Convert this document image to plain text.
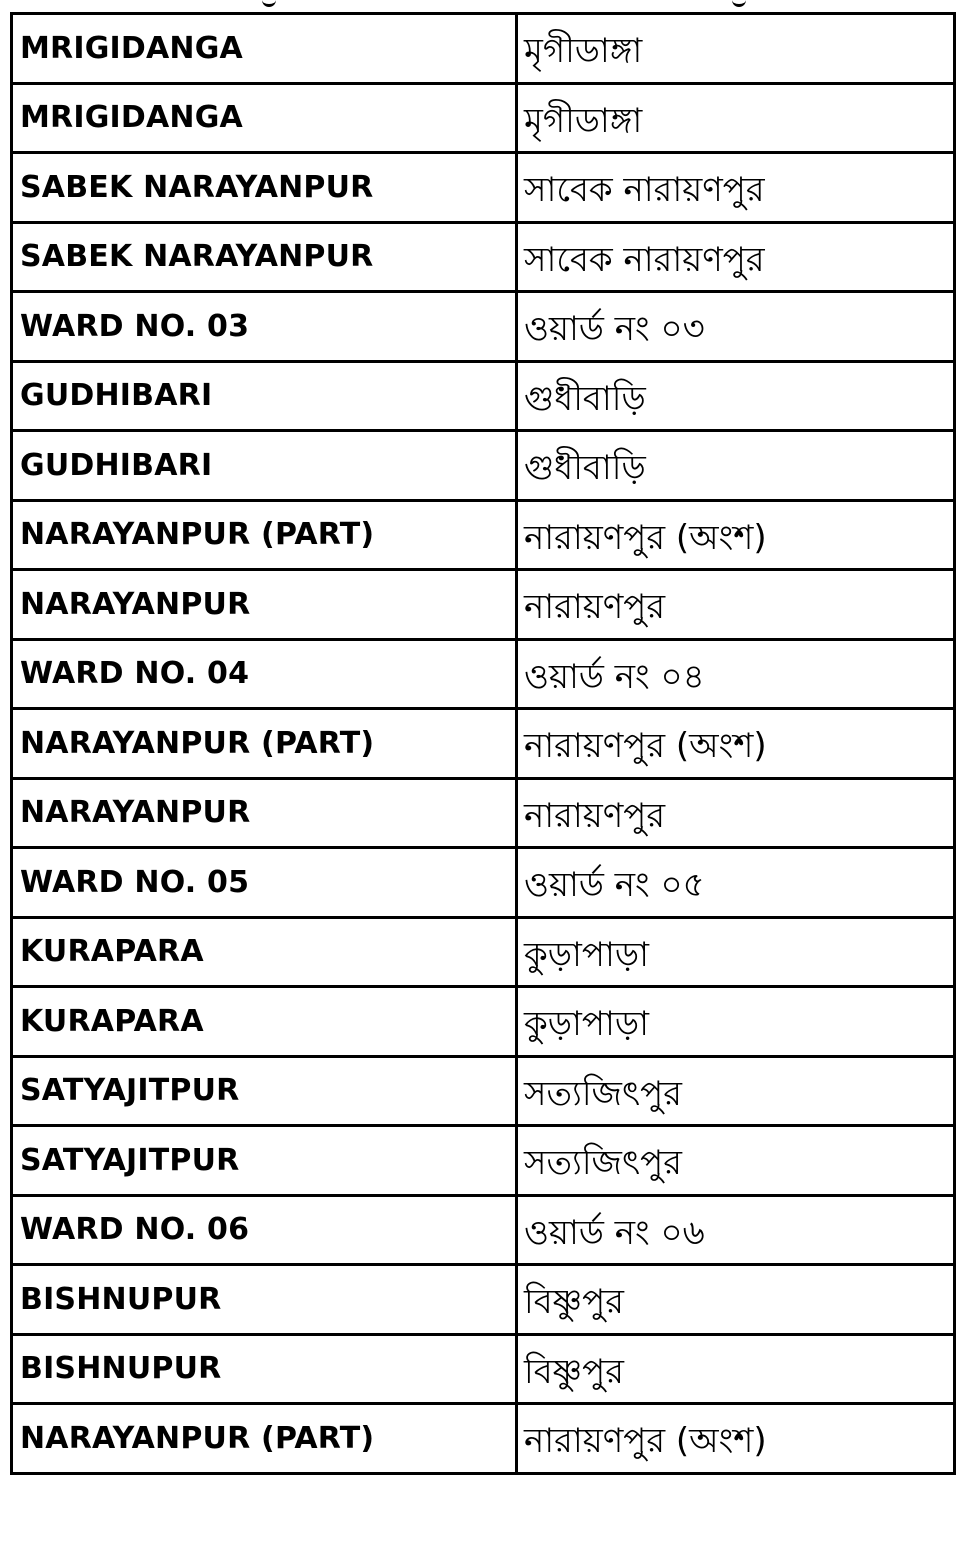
MRIGIDANGA	মৃগীডাঙ্গা
MRIGIDANGA	মৃগীডাঙ্গা
SABEK NARAYANPUR	সাবেক নারায়ণপুর
SABEK NARAYANPUR	সাবেক নারায়ণপুর
WARD NO. 03	ওয়ার্ড নং ০৩
GUDHIBARI	গুধীবাড়ি
GUDHIBARI	গুধীবাড়ি
NARAYANPUR (PART)	নারায়ণপুর (অংশ)
NARAYANPUR	নারায়ণপুর
WARD NO. 04	ওয়ার্ড নং ০৪
NARAYANPUR (PART)	নারায়ণপুর (অংশ)
NARAYANPUR	নারায়ণপুর
WARD NO. 05	ওয়ার্ড নং ০৫
KURAPARA	কুড়াপাড়া
KURAPARA	কুড়াপাড়া
SATYAJITPUR	সত্যজিৎপুর
SATYAJITPUR	সত্যজিৎপুর
WARD NO. 06	ওয়ার্ড নং ০৬
BISHNUPUR	বিষ্ণুপুর
BISHNUPUR	বিষ্ণুপুর
NARAYANPUR (PART)	নারায়ণপুর (অংশ)
